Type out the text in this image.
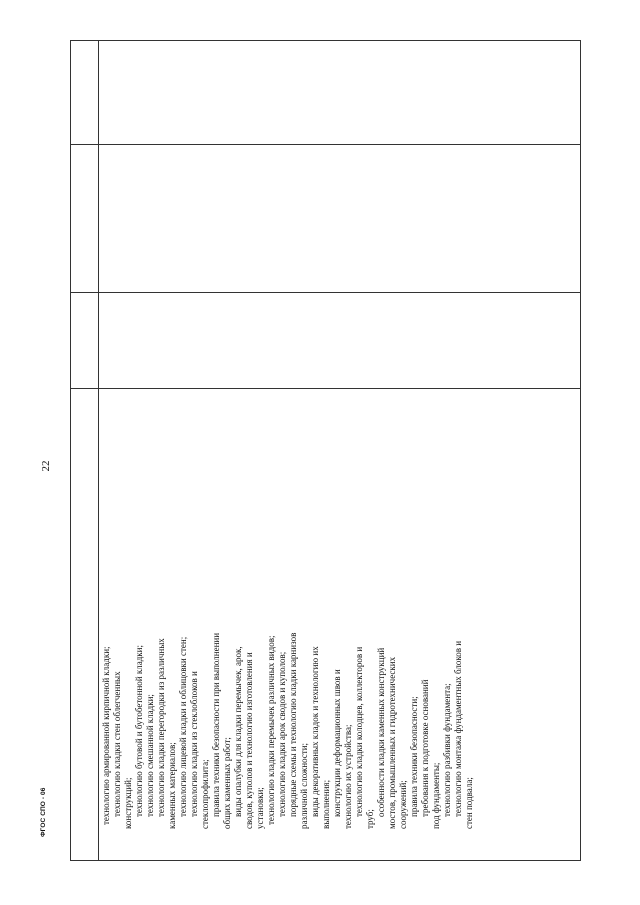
22
ФГОС СПО - 06	технологию армированной кирпичной кладки; технологию кладки стен облегченных конструкций; технологию бутовой и бутобетонной кладки; технологию смешанной кладки; технологию кладки перегородки из различных каменных материалов; технологию лицевой кладки и облицовки стен; технологию кладки из стеклоблоков и стеклопрофилита; правила техники безопасности при выполнении общих каменных работ; виды опалубки для кладки перемычек, арок, сводов, куполов и технологию изготовления и установки; технологию кладки перемычек различных видов; технологию кладки арок сводов и куполов; порядные схемы и технологию кладки карнизов различной сложности; виды декоративных кладок и технологию их выполнения; конструкции деформационных швов и технологию их устройства; технологию кладки колодцев, коллекторов и
труб;
особенности кладки каменных конструкций мостов, промышленных и гидротехнических сооружений; правила техники безопасности; требования к подготовке оснований под фундаменты; технологию разбивки фундамента; технологию монтажа фундаментных блоков и стен подвала;
